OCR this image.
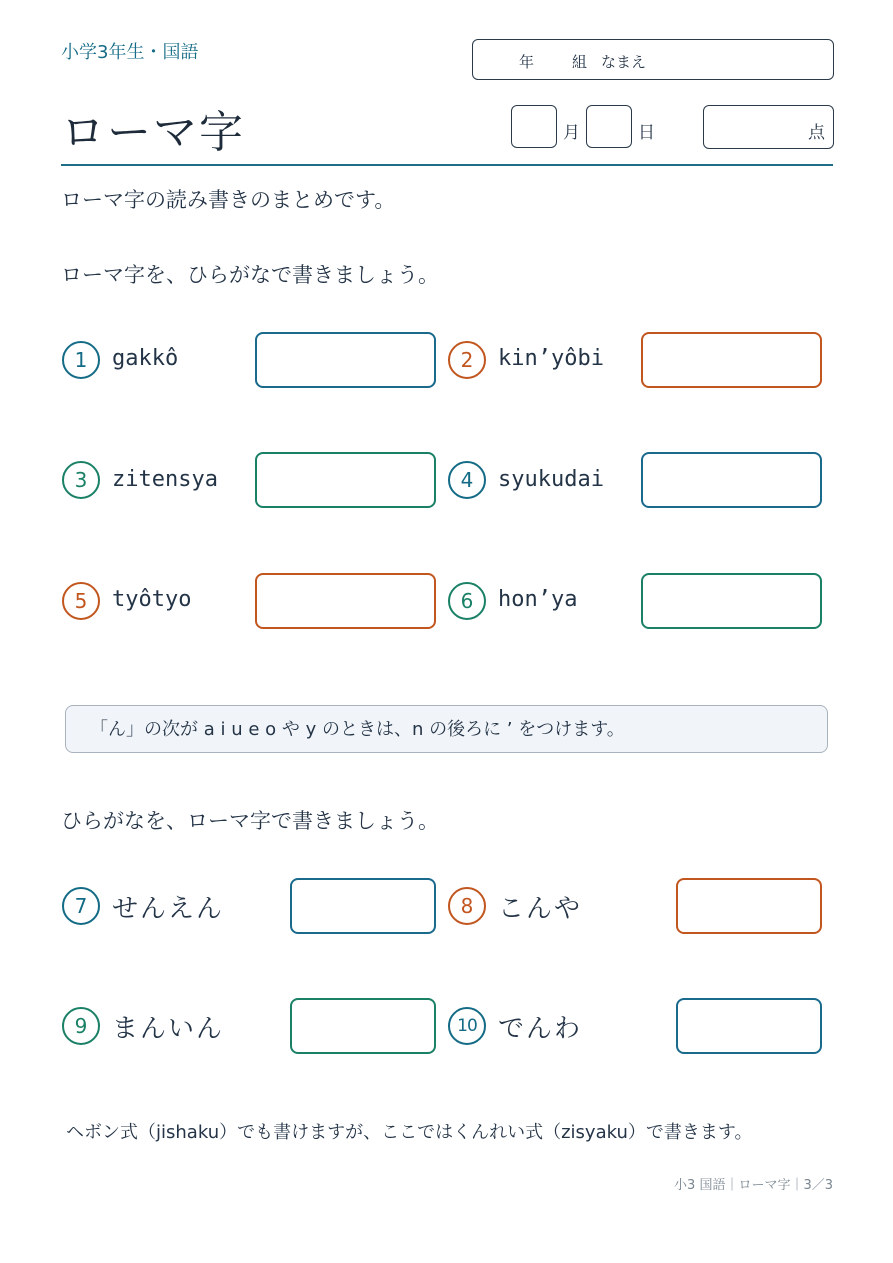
小学3年生・国語	年	組 なまえ
ローマ字	月	日	点
ローマ字の読み書きのまとめです。
ローマ字を、ひらがなで書きましょう。
1	gakkô	2	kin’yôbi
3	zitensya	4	syukudai
5	tyôtyo	6	hon’ya
「ん」の次が a i u e o や y のときは、n の後ろに ’ をつけます。
ひらがなを、ローマ字で書きましょう。
7 せんえん	8 こんや
9 まんいん	10 でんわ
ヘボン式（jishaku）でも書けますが、ここではくんれい式（zisyaku）で書きます。
小3 国語｜ローマ字｜3／3
